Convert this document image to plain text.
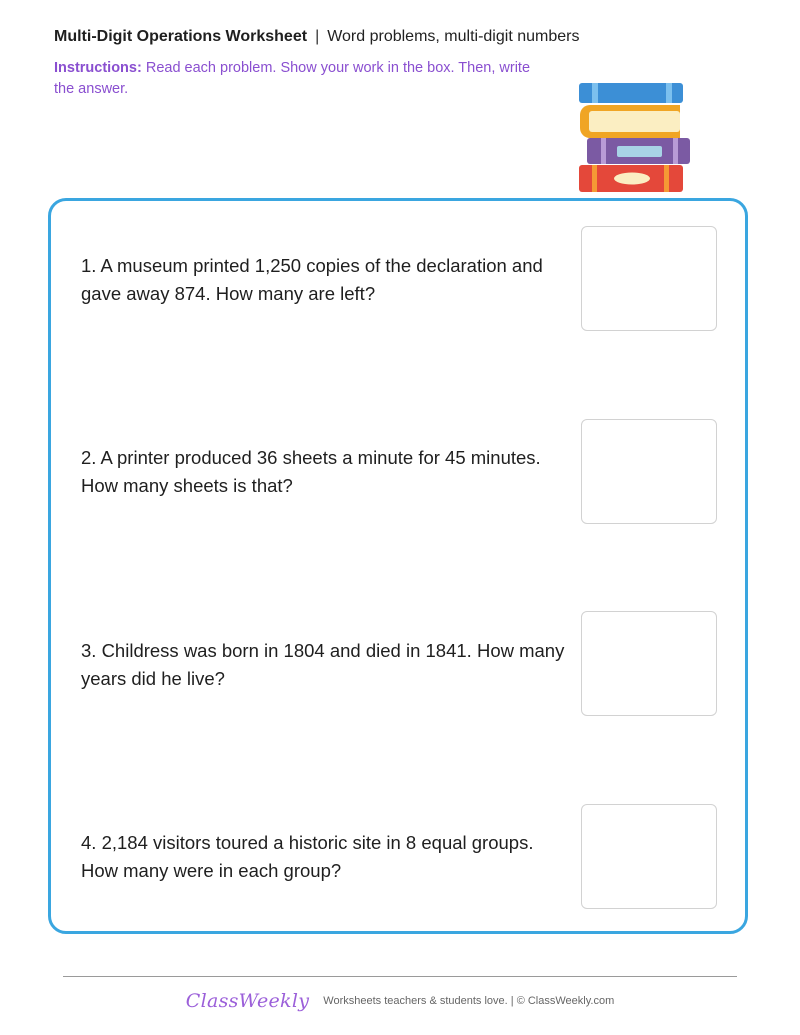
Multi-Digit Operations Worksheet | Word problems, multi-digit numbers
Instructions: Read each problem. Show your work in the box. Then, write the answer.
1. A museum printed 1,250 copies of the declaration and gave away 874. How many are left?
2. A printer produced 36 sheets a minute for 45 minutes. How many sheets is that?
3. Childress was born in 1804 and died in 1841. How many years did he live?
4. 2,184 visitors toured a historic site in 8 equal groups. How many were in each group?
ClassWeekly Worksheets teachers & students love. | © ClassWeekly.com
